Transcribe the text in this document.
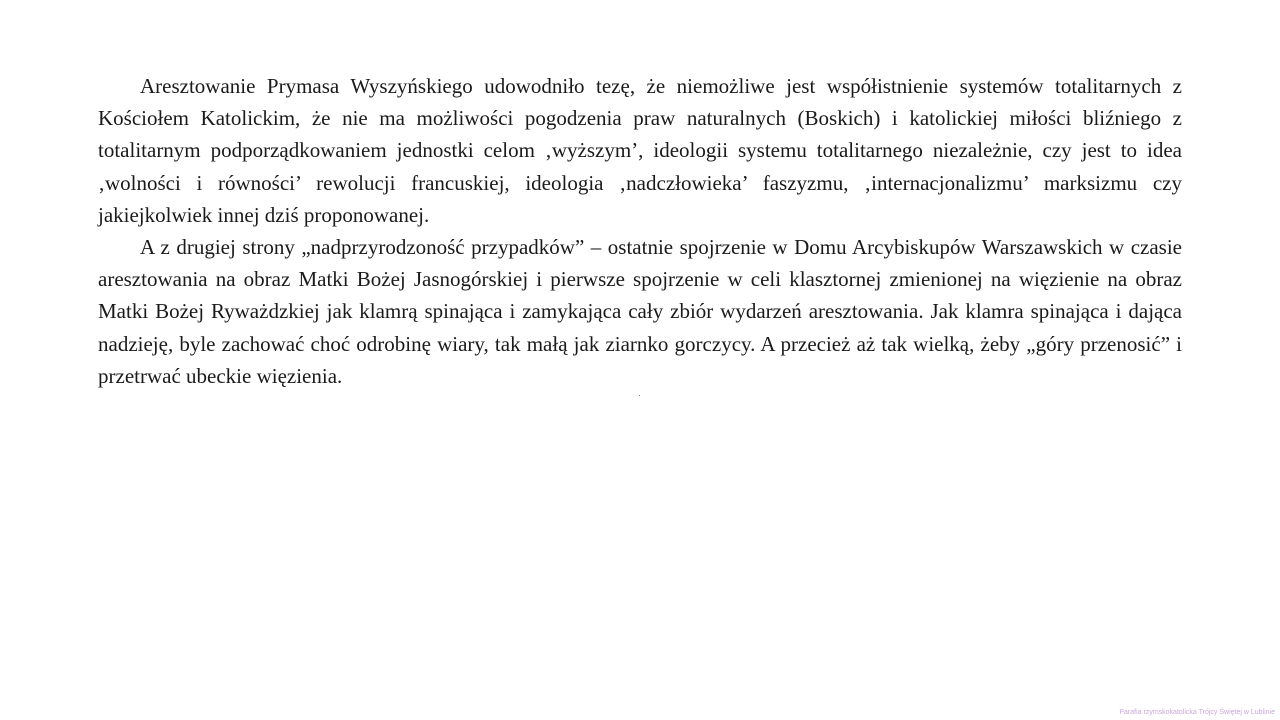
Aresztowanie Prymasa Wyszyńskiego udowodniło tezę, że niemożliwe jest współistnienie systemów totalitarnych z Kościołem Katolickim, że nie ma możliwości pogodzenia praw naturalnych (Boskich) i katolickiej miłości bliźniego z totalitarnym podporządkowaniem jednostki celom ‚wyższym’, ideologii systemu totalitarnego niezależnie, czy jest to idea ‚wolności i równości’ rewolucji francuskiej, ideologia ‚nadczłowieka’ faszyzmu, ‚internacjonalizmu’ marksizmu czy jakiejkolwiek innej dziś proponowanej.

A z drugiej strony „nadprzyrodzoność przypadków” – ostatnie spojrzenie w Domu Arcybiskupów Warszawskich w czasie aresztowania na obraz Matki Bożej Jasnogórskiej i pierwsze spojrzenie w celi klasztornej zmienionej na więzienie na obraz Matki Bożej Ryważdzkiej jak klamrą spinająca i zamykająca cały zbiór wydarzeń aresztowania. Jak klamra spinająca i dająca nadzieję, byle zachować choć odrobinę wiary, tak małą jak ziarnko gorczycy. A przecież aż tak wielką, żeby „góry przenosić” i przetrwać ubeckie więzienia.

Parafia rzymskokatolicka Trójcy Świętej w Lublinie
